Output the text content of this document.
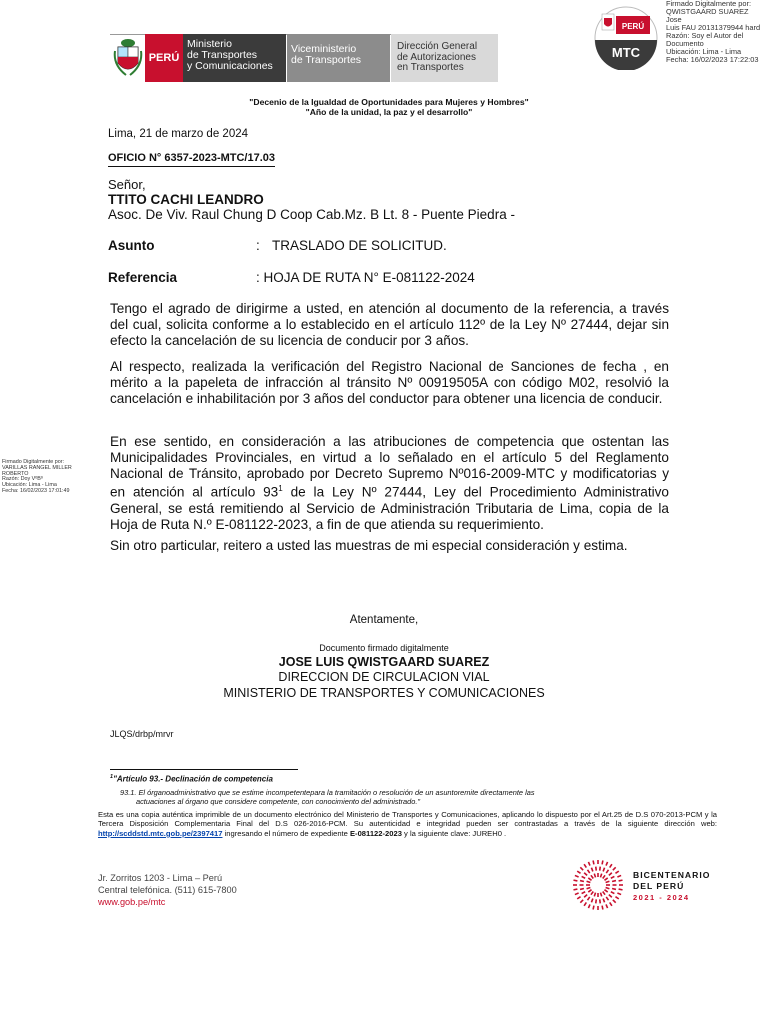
PERÚ
Ministerio
de Transportes
y Comunicaciones
Viceministerio
de Transportes
Dirección General
de Autorizaciones
en Transportes
PERÚ
MTC
Firmado Digitalmente por:
QWISTGAARD SUAREZ Jose
Luis FAU 20131379944 hard
Razón: Soy el Autor del
Documento
Ubicación: Lima - Lima
Fecha: 16/02/2023 17:22:03
"Decenio de la Igualdad de Oportunidades para Mujeres y Hombres"
"Año de la unidad, la paz y el desarrollo"
Lima, 21 de marzo de 2024
OFICIO N° 6357-2023-MTC/17.03
Señor,
TTITO CACHI LEANDRO
Asoc. De Viv. Raul Chung D Coop Cab.Mz. B Lt. 8 - Puente Piedra -
Asunto	: TRASLADO DE SOLICITUD.
Referencia	: HOJA DE RUTA N° E-081122-2024
Tengo el agrado de dirigirme a usted, en atención al documento de la referencia, a través del cual, solicita conforme a lo establecido en el artículo 112º de la Ley Nº 27444, dejar sin efecto la cancelación de su licencia de conducir por 3 años.
Al respecto, realizada la verificación del Registro Nacional de Sanciones de fecha , en mérito a la papeleta de infracción al tránsito Nº 00919505A con código M02, resolvió la cancelación e inhabilitación por 3 años del conductor para obtener una licencia de conducir.
En ese sentido, en consideración a las atribuciones de competencia que ostentan las Municipalidades Provinciales, en virtud a lo señalado en el artículo 5 del Reglamento Nacional de Tránsito, aprobado por Decreto Supremo Nº016-2009-MTC y modificatorias y en atención al artículo $93^1$ de la Ley Nº 27444, Ley del Procedimiento Administrativo General, se está remitiendo al Servicio de Administración Tributaria de Lima, copia de la Hoja de Ruta N.º E-081122-2023, a fin de que atienda su requerimiento.
Sin otro particular, reitero a usted las muestras de mi especial consideración y estima.
Firmado Digitalmente por:
VARILLAS RANGEL MILLER
ROBERTO
Razón: Doy VºBº
Ubicación: Lima - Lima
Fecha: 16/02/2023 17:01:49
Atentamente,
Documento firmado digitalmente
JOSE LUIS QWISTGAARD SUAREZ
DIRECCION DE CIRCULACION VIAL
MINISTERIO DE TRANSPORTES Y COMUNICACIONES
JLQS/drbp/mrvr
$^1$"Artículo 93.- Declinación de competencia
93.1. El órganoadministrativo que se estime incompetentepara la tramitación o resolución de un asuntoremite directamente las
actuaciones al órgano que considere competente, con conocimiento del administrado."
Esta es una copia auténtica imprimible de un documento electrónico del Ministerio de Transportes y Comunicaciones, aplicando lo dispuesto por el Art.25 de D.S 070-2013-PCM y la Tercera Disposición Complementaria Final del D.S 026-2016-PCM. Su autenticidad e integridad pueden ser contrastadas a través de la siguiente dirección web: http://scddstd.mtc.gob.pe/2397417 ingresando el número de expediente E-081122-2023 y la siguiente clave: JUREH0 .
Jr. Zorritos 1203 - Lima – Perú
Central telefónica. (511) 615-7800
www.gob.pe/mtc
BICENTENARIO
DEL PERÚ
2021 - 2024
